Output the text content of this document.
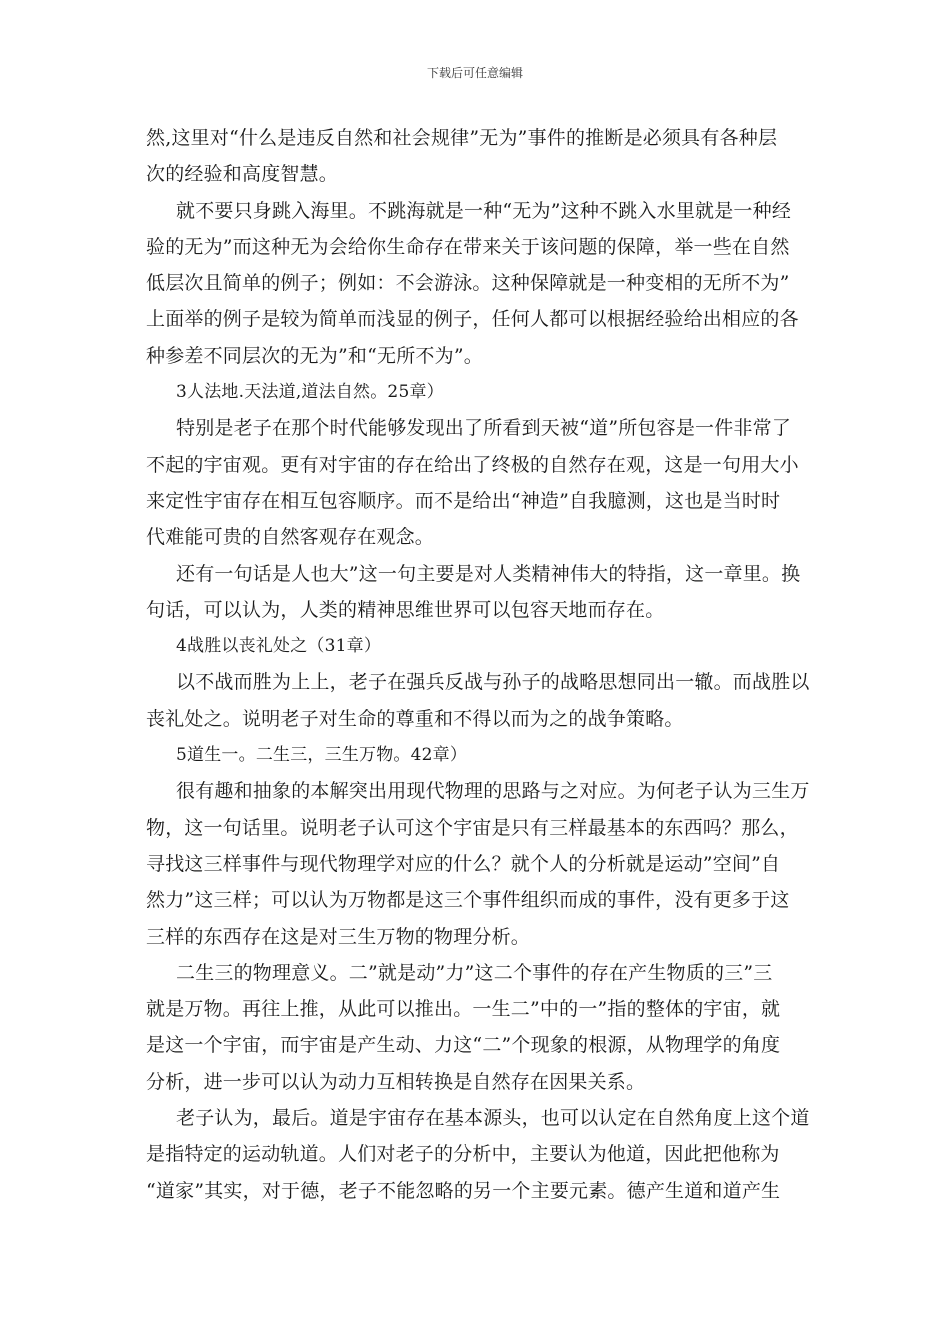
下载后可任意编辑
然,这里对“什么是违反自然和社会规律”无为”事件的推断是必须具有各种层
次的经验和高度智慧。
就不要只身跳入海里。不跳海就是一种“无为”这种不跳入水里就是一种经
验的无为”而这种无为会给你生命存在带来关于该问题的保障，举一些在自然
低层次且简单的例子；例如：不会游泳。这种保障就是一种变相的无所不为”
上面举的例子是较为简单而浅显的例子，任何人都可以根据经验给出相应的各
种参差不同层次的无为”和“无所不为”。
3人法地.天法道,道法自然。25章）
特别是老子在那个时代能够发现出了所看到天被“道”所包容是一件非常了
不起的宇宙观。更有对宇宙的存在给出了终极的自然存在观，这是一句用大小
来定性宇宙存在相互包容顺序。而不是给出“神造”自我臆测，这也是当时时
代难能可贵的自然客观存在观念。
还有一句话是人也大”这一句主要是对人类精神伟大的特指，这一章里。换
句话，可以认为，人类的精神思维世界可以包容天地而存在。
4战胜以丧礼处之（31章）
以不战而胜为上上，老子在强兵反战与孙子的战略思想同出一辙。而战胜以
丧礼处之。说明老子对生命的尊重和不得以而为之的战争策略。
5道生一。二生三，三生万物。42章）
很有趣和抽象的本解突出用现代物理的思路与之对应。为何老子认为三生万
物，这一句话里。说明老子认可这个宇宙是只有三样最基本的东西吗？那么，
寻找这三样事件与现代物理学对应的什么？就个人的分析就是运动”空间”自
然力”这三样；可以认为万物都是这三个事件组织而成的事件，没有更多于这
三样的东西存在这是对三生万物的物理分析。
二生三的物理意义。二”就是动”力”这二个事件的存在产生物质的三”三
就是万物。再往上推，从此可以推出。一生二”中的一”指的整体的宇宙，就
是这一个宇宙，而宇宙是产生动、力这“二”个现象的根源，从物理学的角度
分析，进一步可以认为动力互相转换是自然存在因果关系。
老子认为，最后。道是宇宙存在基本源头，也可以认定在自然角度上这个道
是指特定的运动轨道。人们对老子的分析中，主要认为他道，因此把他称为
“道家”其实，对于德，老子不能忽略的另一个主要元素。德产生道和道产生
